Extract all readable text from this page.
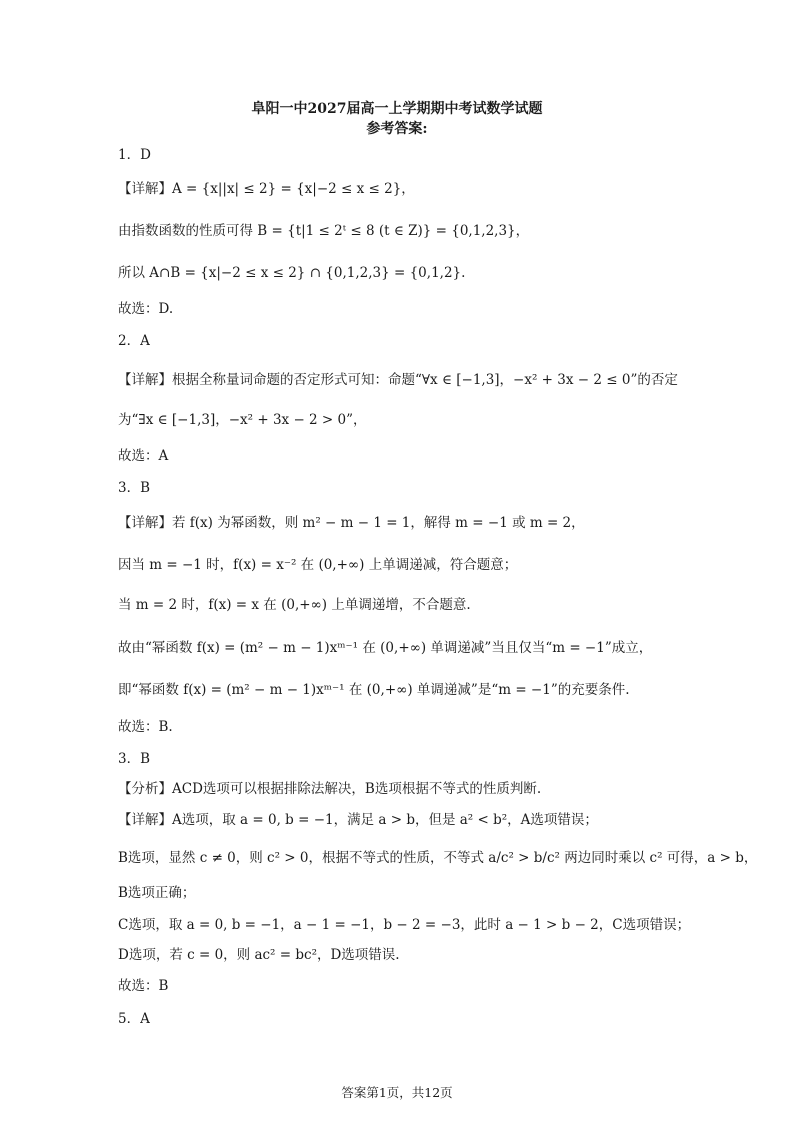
阜阳一中2027届高一上学期期中考试数学试题
参考答案:
1．D
【详解】A = {x||x| ≤ 2} = {x|−2 ≤ x ≤ 2}，
由指数函数的性质可得 B = {t|1 ≤ 2ᵗ ≤ 8 (t ∈ Z)} = {0,1,2,3}，
所以 A∩B = {x|−2 ≤ x ≤ 2} ∩ {0,1,2,3} = {0,1,2}.
故选：D.
2．A
【详解】根据全称量词命题的否定形式可知：命题“∀x ∈ [−1,3]，−x² + 3x − 2 ≤ 0”的否定
为“∃x ∈ [−1,3]，−x² + 3x − 2 > 0”，
故选：A
3．B
【详解】若 f(x) 为幂函数，则 m² − m − 1 = 1，解得 m = −1 或 m = 2，
因当 m = −1 时，f(x) = x⁻² 在 (0,+∞) 上单调递减，符合题意；
当 m = 2 时，f(x) = x 在 (0,+∞) 上单调递增，不合题意.
故由“幂函数 f(x) = (m² − m − 1)xᵐ⁻¹ 在 (0,+∞) 单调递减”当且仅当“m = −1”成立，
即“幂函数 f(x) = (m² − m − 1)xᵐ⁻¹ 在 (0,+∞) 单调递减”是“m = −1”的充要条件.
故选：B.
3．B
【分析】ACD选项可以根据排除法解决，B选项根据不等式的性质判断.
【详解】A选项，取 a = 0, b = −1，满足 a > b，但是 a² < b²，A选项错误；
B选项，显然 c ≠ 0，则 c² > 0，根据不等式的性质，不等式 a/c² > b/c² 两边同时乘以 c² 可得，a > b，
B选项正确；
C选项，取 a = 0, b = −1，a − 1 = −1，b − 2 = −3，此时 a − 1 > b − 2，C选项错误；
D选项，若 c = 0，则 ac² = bc²，D选项错误.
故选：B
5．A
答案第1页，共12页
